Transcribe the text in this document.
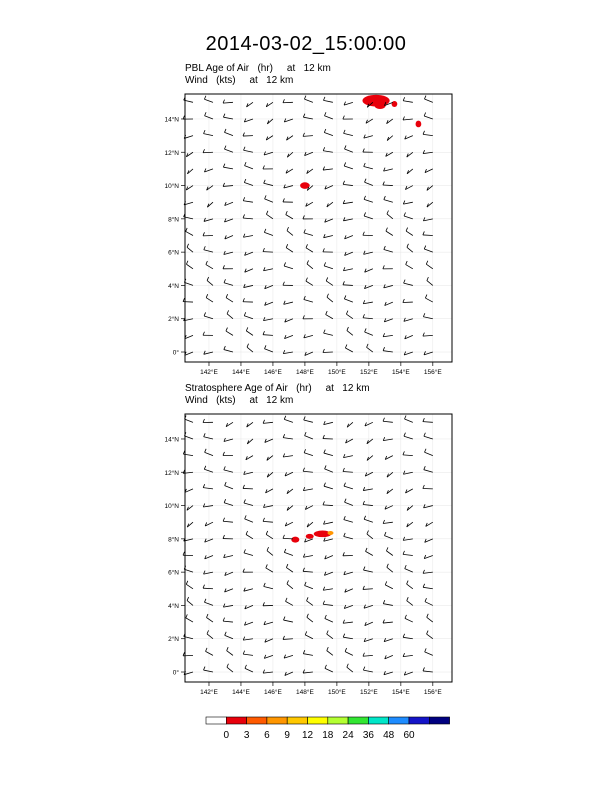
2014-03-02_15:00:00
PBL Age of Air   (hr)     at   12 km
Wind   (kts)     at   12 km
Stratosphere Age of Air   (hr)     at   12 km
Wind   (kts)     at   12 km
142°E 144°E 146°E 148°E 150°E 152°E 154°E 156°E
0°
2°N
4°N
6°N
8°N
10°N
12°N
14°N
142°E 144°E 146°E 148°E 150°E 152°E 154°E 156°E
0°
2°N
4°N
6°N
8°N
10°N
12°N
14°N
0 3 6 9 12 18 24 36 48 60
